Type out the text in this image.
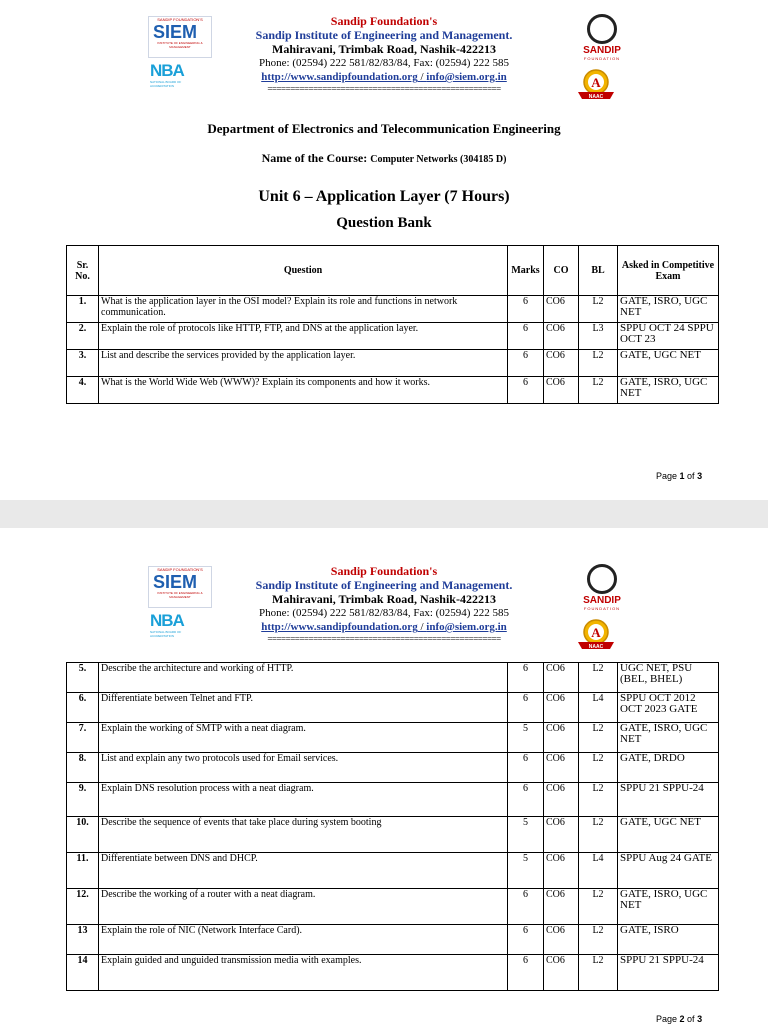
SANDIP FOUNDATION'S
SIEM
INSTITUTE OF ENGINEERING & MANAGEMENT
NBA
NATIONAL BOARD OF ACCREDITATION
Sandip Foundation's
Sandip Institute of Engineering and Management.
Mahiravani, Trimbak Road, Nashik-422213
Phone: (02594) 222 581/82/83/84, Fax: (02594) 222 585
http://www.sandipfoundation.org / info@siem.org.in
===================================================
SANDIP
FOUNDATION
A
NAAC
Department of Electronics and Telecommunication Engineering
Name of the Course: Computer Networks (304185 D)
Unit 6 – Application Layer (7 Hours)
Question Bank
Sr. No.	Question	Marks	CO	BL	Asked in Competitive Exam
1.	What is the application layer in the OSI model? Explain its role and functions in network communication.	6	CO6	L2	GATE, ISRO, UGC NET
2.	Explain the role of protocols like HTTP, FTP, and DNS at the application layer.	6	CO6	L3	SPPU OCT 24 SPPU OCT 23
3.	List and describe the services provided by the application layer.	6	CO6	L2	GATE, UGC NET
4.	What is the World Wide Web (WWW)? Explain its components and how it works.	6	CO6	L2	GATE, ISRO, UGC NET
Page 1 of 3
SANDIP FOUNDATION'S
SIEM
INSTITUTE OF ENGINEERING & MANAGEMENT
NBA
NATIONAL BOARD OF ACCREDITATION
Sandip Foundation's
Sandip Institute of Engineering and Management.
Mahiravani, Trimbak Road, Nashik-422213
Phone: (02594) 222 581/82/83/84, Fax: (02594) 222 585
http://www.sandipfoundation.org / info@siem.org.in
===================================================
SANDIP
FOUNDATION
A
NAAC
5.	Describe the architecture and working of HTTP.	6	CO6	L2	UGC NET, PSU (BEL, BHEL)
6.	Differentiate between Telnet and FTP.	6	CO6	L4	SPPU OCT 2012 OCT 2023 GATE
7.	Explain the working of SMTP with a neat diagram.	5	CO6	L2	GATE, ISRO, UGC NET
8.	List and explain any two protocols used for Email services.	6	CO6	L2	GATE, DRDO
9.	Explain DNS resolution process with a neat diagram.	6	CO6	L2	SPPU 21 SPPU-24
10.	Describe the sequence of events that take place during system booting	5	CO6	L2	GATE, UGC NET
11.	Differentiate between DNS and DHCP.	5	CO6	L4	SPPU Aug 24 GATE
12.	Describe the working of a router with a neat diagram.	6	CO6	L2	GATE, ISRO, UGC NET
13	Explain the role of NIC (Network Interface Card).	6	CO6	L2	GATE, ISRO
14	Explain guided and unguided transmission media with examples.	6	CO6	L2	SPPU 21 SPPU-24
Page 2 of 3
